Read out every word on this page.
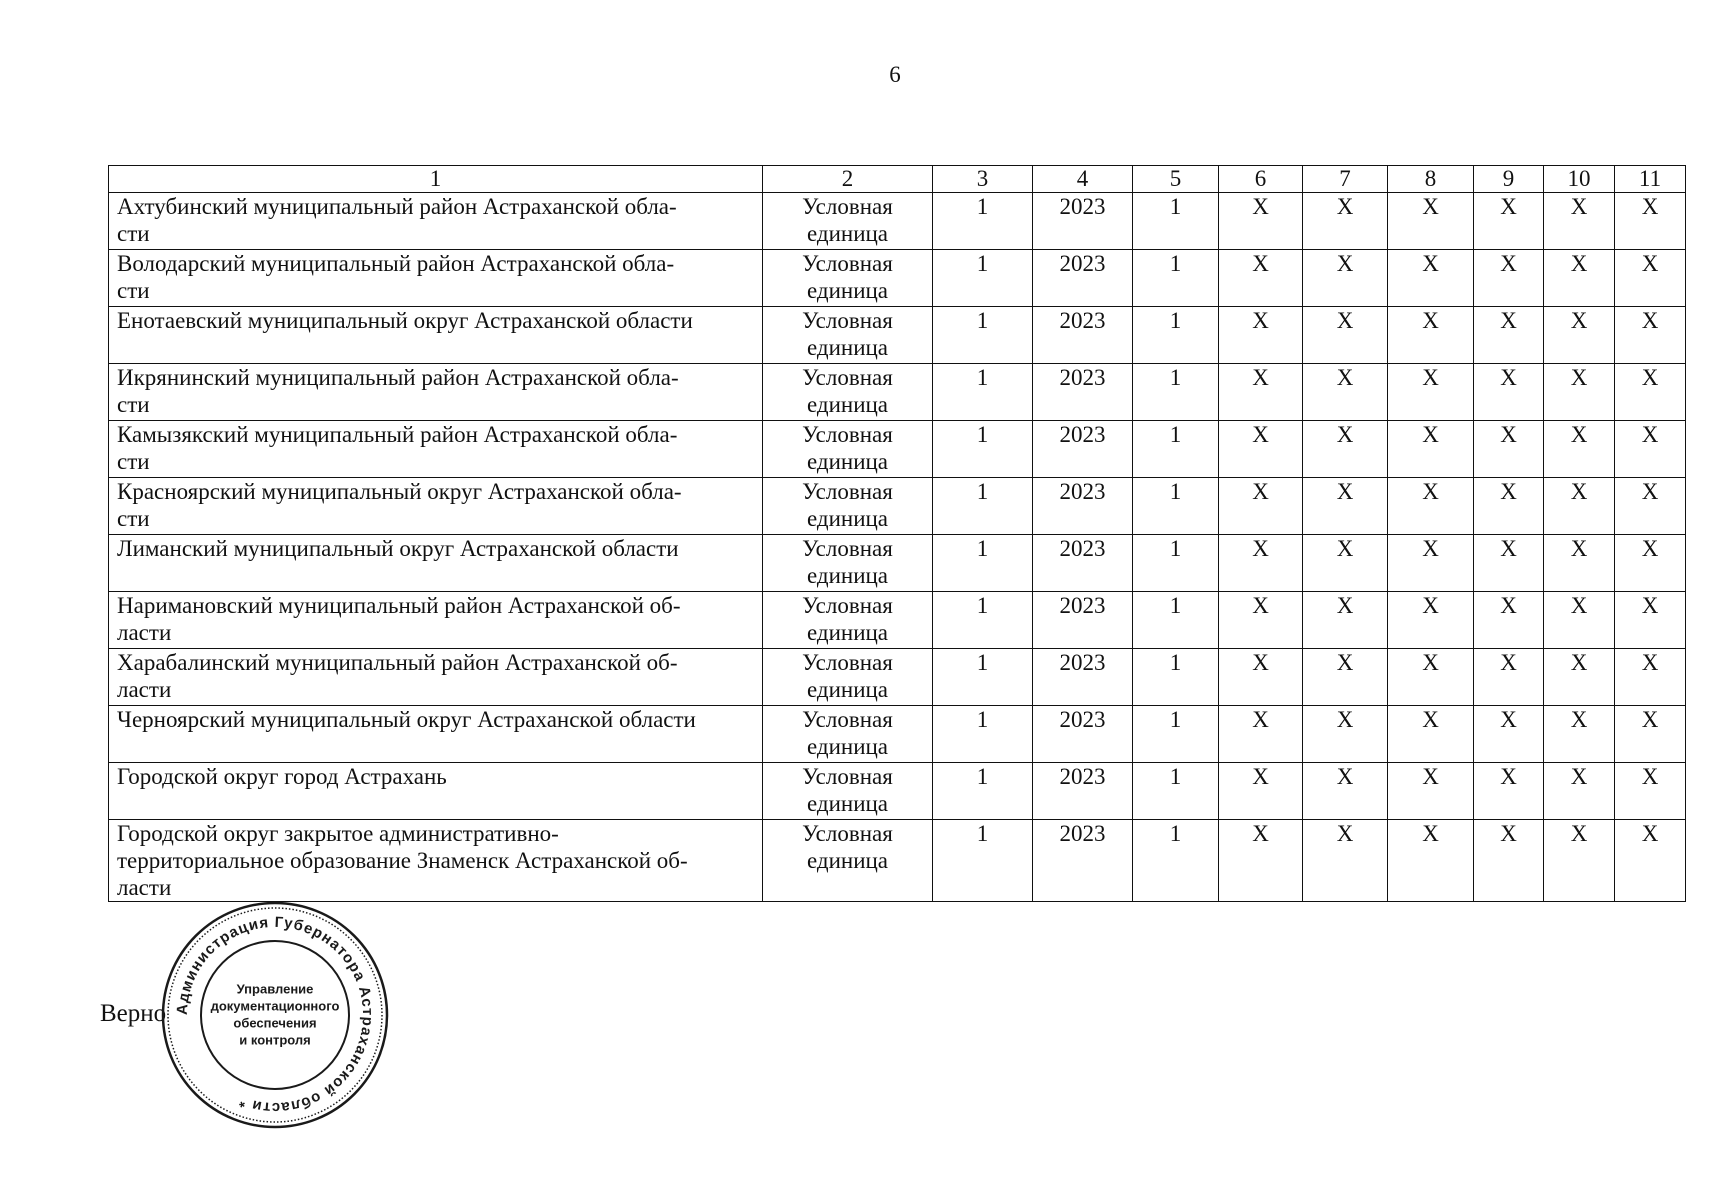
6
1	2	3	4	5	6	7	8	9	10	11
Ахтубинский муниципальный район Астраханской обла-
сти	Условная
единица	1	2023	1	X	X	X	X	X	X
Володарский муниципальный район Астраханской обла-
сти	Условная
единица	1	2023	1	X	X	X	X	X	X
Енотаевский муниципальный округ Астраханской области	Условная
единица	1	2023	1	X	X	X	X	X	X
Икрянинский муниципальный район Астраханской обла-
сти	Условная
единица	1	2023	1	X	X	X	X	X	X
Камызякский муниципальный район Астраханской обла-
сти	Условная
единица	1	2023	1	X	X	X	X	X	X
Красноярский муниципальный округ Астраханской обла-
сти	Условная
единица	1	2023	1	X	X	X	X	X	X
Лиманский муниципальный округ Астраханской области	Условная
единица	1	2023	1	X	X	X	X	X	X
Наримановский муниципальный район Астраханской об-
ласти	Условная
единица	1	2023	1	X	X	X	X	X	X
Харабалинский муниципальный район Астраханской об-
ласти	Условная
единица	1	2023	1	X	X	X	X	X	X
Черноярский муниципальный округ Астраханской области	Условная
единица	1	2023	1	X	X	X	X	X	X
Городской округ город Астрахань	Условная
единица	1	2023	1	X	X	X	X	X	X
Городской округ закрытое административно-
территориальное образование Знаменск Астраханской об-
ласти	Условная
единица	1	2023	1	X	X	X	X	X	X
Верно Администрация Губернатора Астраханской области *
Управление
документационного
обеспечения
и контроля
